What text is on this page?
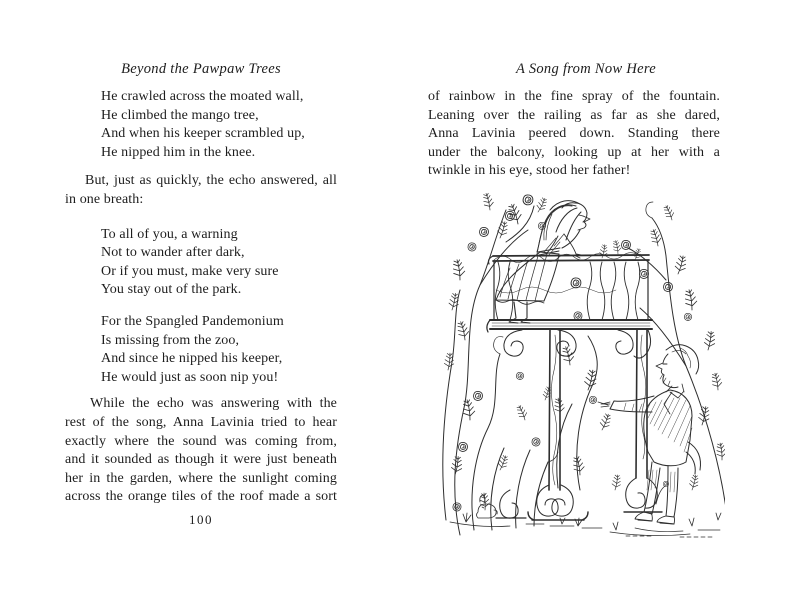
Beyond the Pawpaw Trees
He crawled across the moated wall,
He climbed the mango tree,
And when his keeper scrambled up,
He nipped him in the knee.
But, just as quickly, the echo answered, all
in one breath:
To all of you, a warning
Not to wander after dark,
Or if you must, make very sure
You stay out of the park.
For the Spangled Pandemonium
Is missing from the zoo,
And since he nipped his keeper,
He would just as soon nip you!
While the echo was answering with the
rest of the song, Anna Lavinia tried to hear
exactly where the sound was coming from,
and it sounded as though it were just beneath
her in the garden, where the sunlight coming
across the orange tiles of the roof made a sort
100
A Song from Now Here
of rainbow in the fine spray of the fountain.
Leaning over the railing as far as she dared,
Anna Lavinia peered down. Standing there
under the balcony, looking up at her with a
twinkle in his eye, stood her father!
